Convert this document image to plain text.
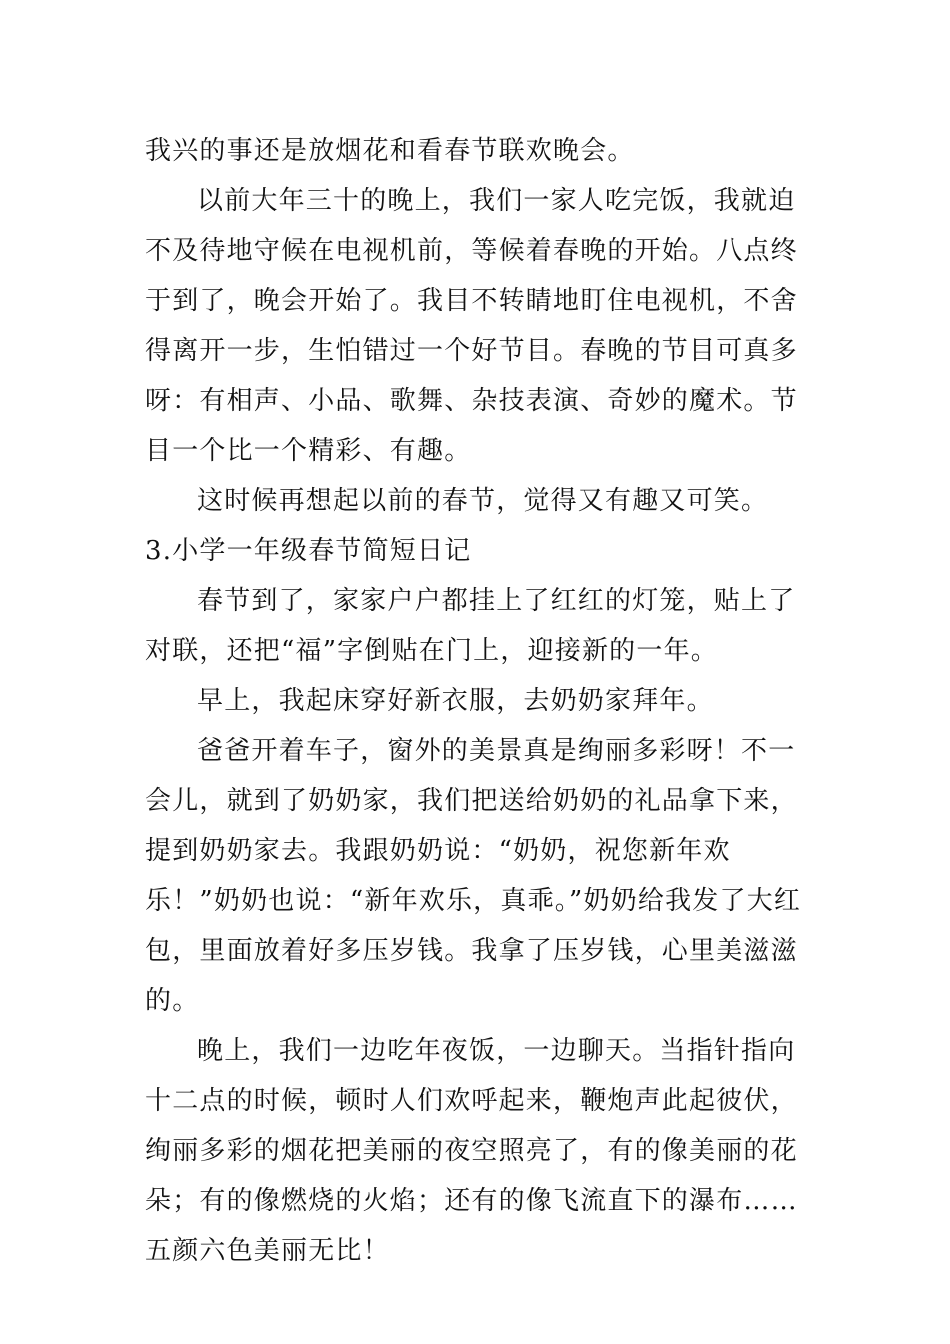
我兴的事还是放烟花和看春节联欢晚会。

以前大年三十的晚上，我们一家人吃完饭，我就迫不及待地守候在电视机前，等候着春晚的开始。八点终于到了，晚会开始了。我目不转睛地盯住电视机，不舍得离开一步，生怕错过一个好节目。春晚的节目可真多呀：有相声、小品、歌舞、杂技表演、奇妙的魔术。节目一个比一个精彩、有趣。

这时候再想起以前的春节，觉得又有趣又可笑。

3.小学一年级春节简短日记

春节到了，家家户户都挂上了红红的灯笼，贴上了对联，还把“福”字倒贴在门上，迎接新的一年。

早上，我起床穿好新衣服，去奶奶家拜年。

爸爸开着车子，窗外的美景真是绚丽多彩呀！不一会儿，就到了奶奶家，我们把送给奶奶的礼品拿下来，提到奶奶家去。我跟奶奶说：“奶奶，祝您新年欢乐！”奶奶也说：“新年欢乐，真乖。”奶奶给我发了大红包，里面放着好多压岁钱。我拿了压岁钱，心里美滋滋的。

晚上，我们一边吃年夜饭，一边聊天。当指针指向十二点的时候，顿时人们欢呼起来，鞭炮声此起彼伏，绚丽多彩的烟花把美丽的夜空照亮了，有的像美丽的花朵；有的像燃烧的火焰；还有的像飞流直下的瀑布……五颜六色美丽无比！
